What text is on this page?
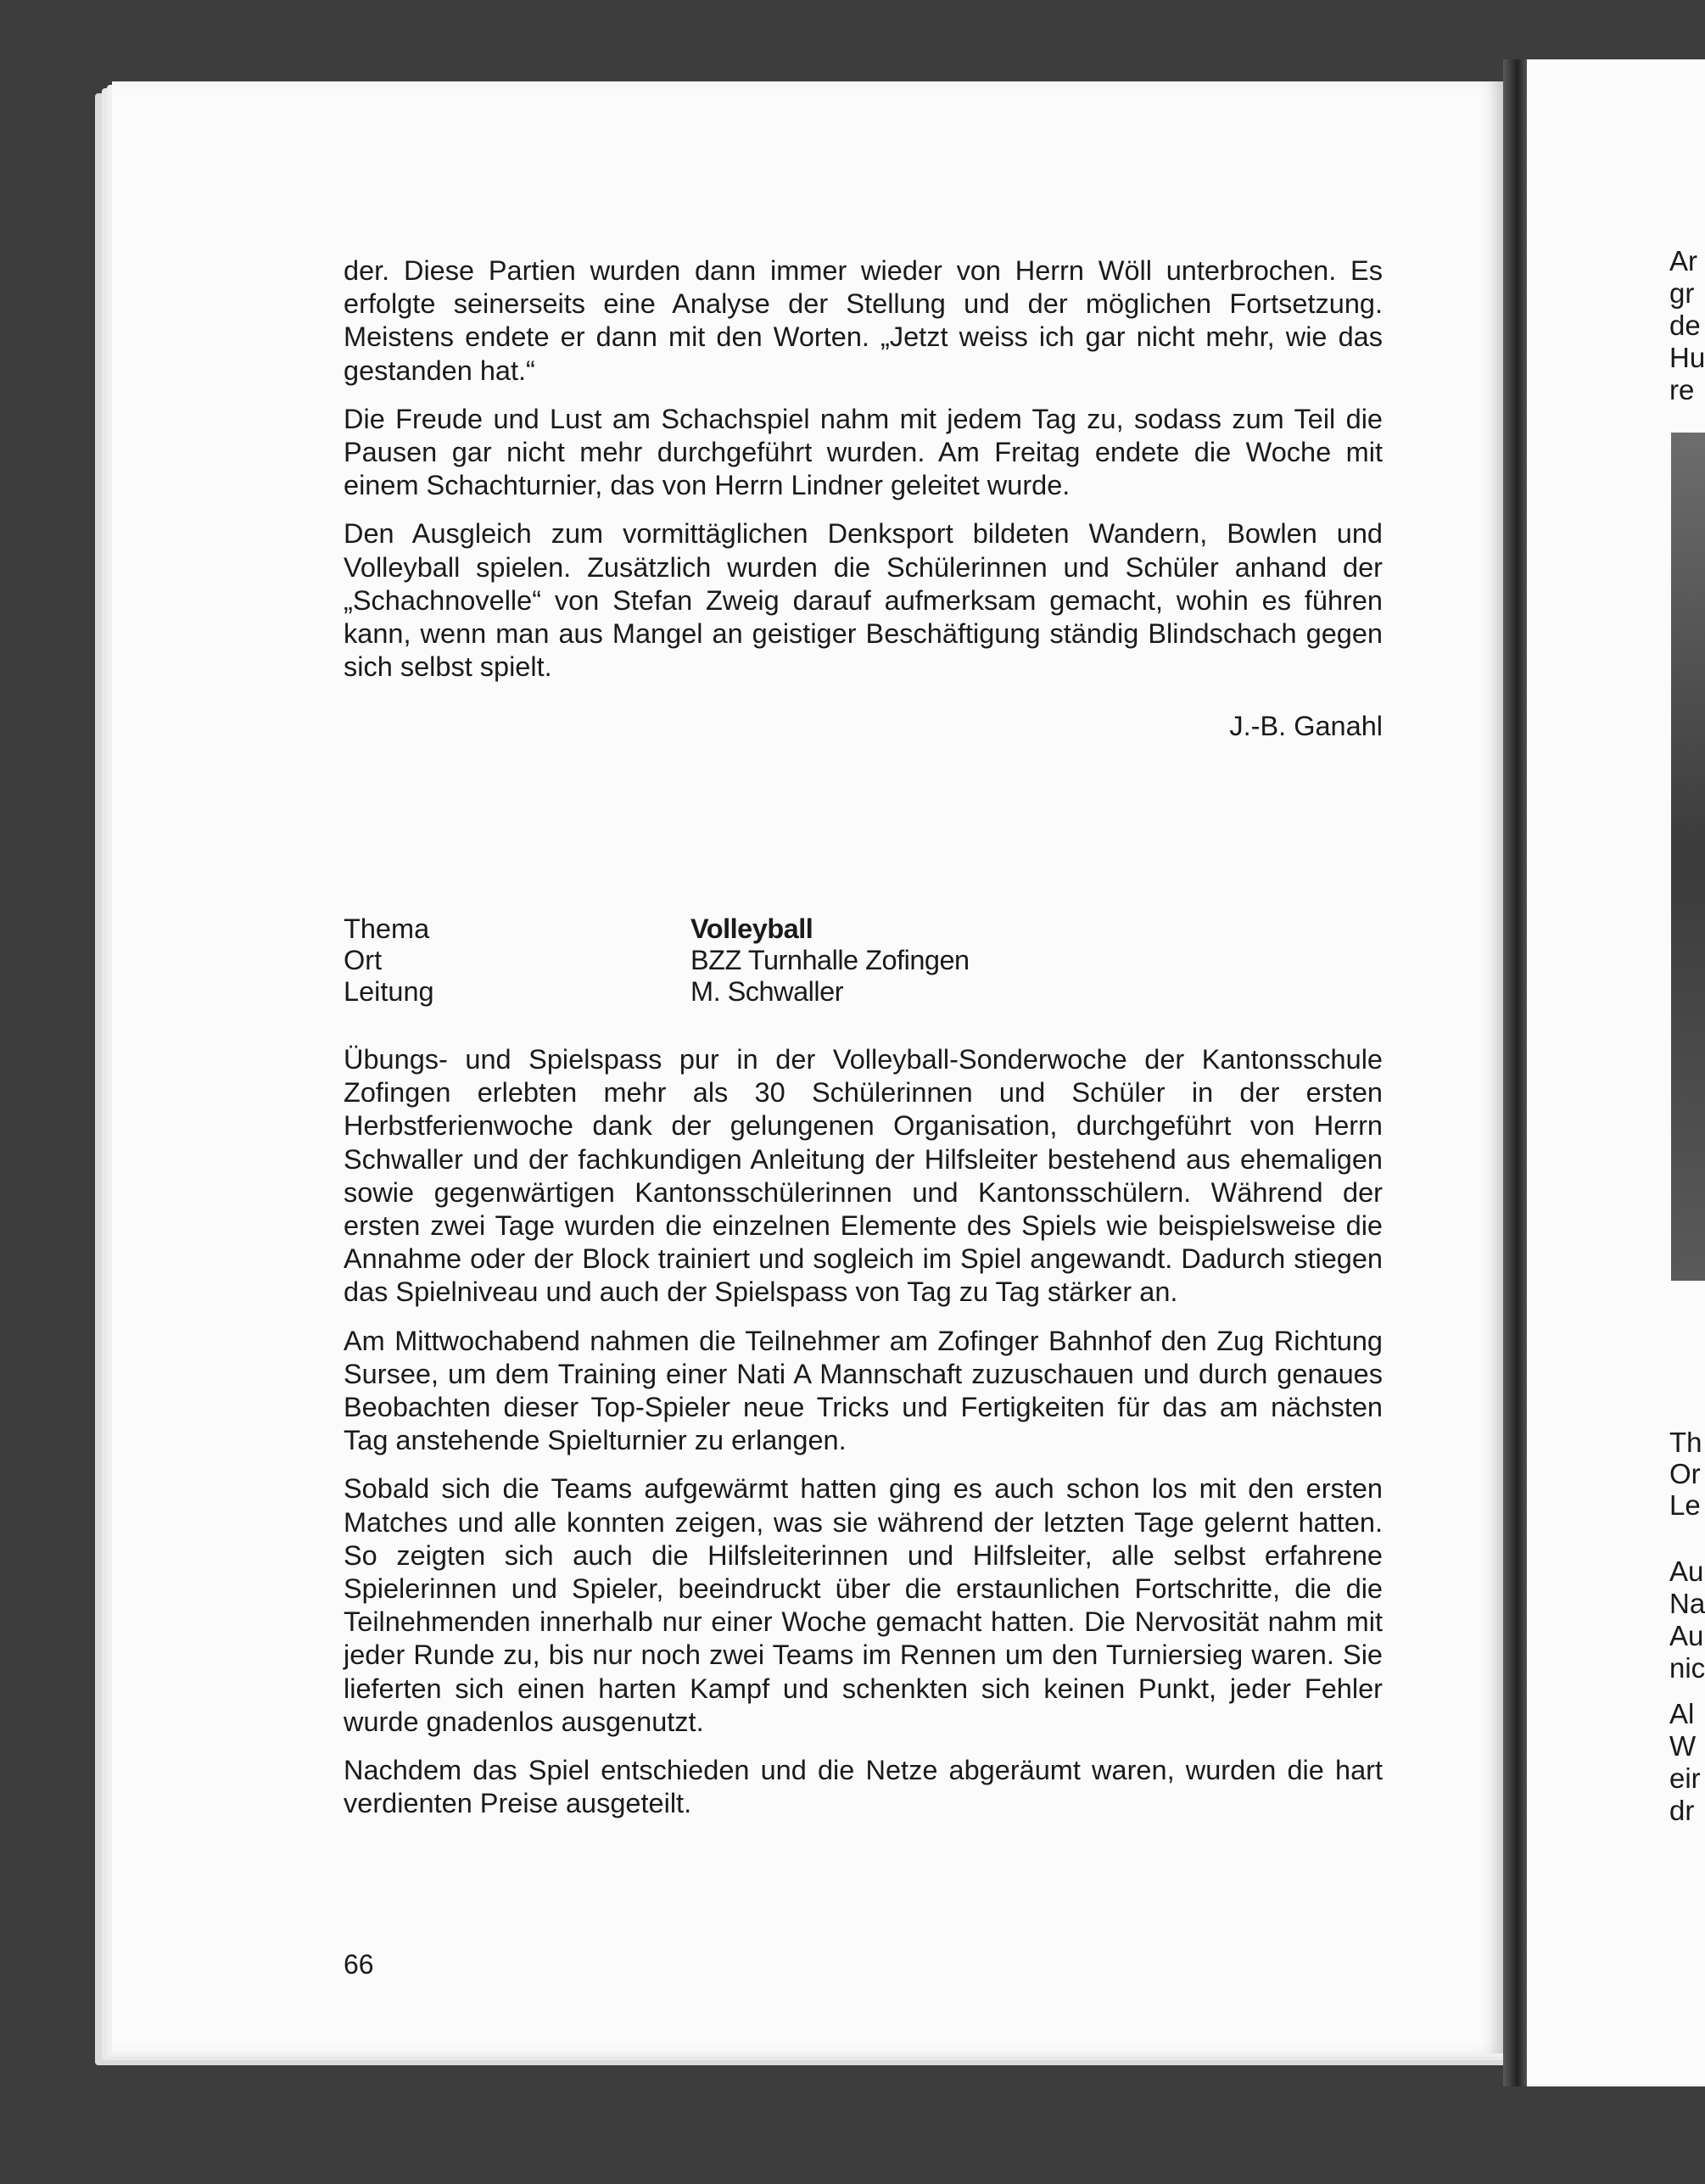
Ar
gr
de
Hu
re
Th
Or
Le
Au
Na
Au
nic
Al
W
eir
dr

der. Diese Partien wurden dann immer wieder von Herrn Wöll unterbrochen. Es erfolgte seinerseits eine Analyse der Stellung und der möglichen Fortsetzung. Meistens endete er dann mit den Worten. „Jetzt weiss ich gar nicht mehr, wie das gestanden hat.“

Die Freude und Lust am Schachspiel nahm mit jedem Tag zu, sodass zum Teil die Pausen gar nicht mehr durchgeführt wurden. Am Freitag endete die Woche mit einem Schachturnier, das von Herrn Lindner geleitet wurde.

Den Ausgleich zum vormittäglichen Denksport bildeten Wandern, Bowlen und Volleyball spielen. Zusätzlich wurden die Schülerinnen und Schüler anhand der „Schachnovelle“ von Stefan Zweig darauf aufmerksam gemacht, wohin es führen kann, wenn man aus Mangel an geistiger Beschäftigung ständig Blindschach gegen sich selbst spielt.

J.-B. Ganahl
Thema	Volleyball
Ort	BZZ Turnhalle Zofingen
Leitung	M. Schwaller

Übungs- und Spielspass pur in der Volleyball-Sonderwoche der Kantonsschule Zofingen erlebten mehr als 30 Schülerinnen und Schüler in der ersten Herbstferienwoche dank der gelungenen Organisation, durchgeführt von Herrn Schwaller und der fachkundigen Anleitung der Hilfsleiter bestehend aus ehemaligen sowie gegenwärtigen Kantonsschülerinnen und Kantonsschülern. Während der ersten zwei Tage wurden die einzelnen Elemente des Spiels wie beispielsweise die Annahme oder der Block trainiert und sogleich im Spiel angewandt. Dadurch stiegen das Spielniveau und auch der Spielspass von Tag zu Tag stärker an.

Am Mittwochabend nahmen die Teilnehmer am Zofinger Bahnhof den Zug Richtung Sursee, um dem Training einer Nati A Mannschaft zuzuschauen und durch genaues Beobachten dieser Top-Spieler neue Tricks und Fertigkeiten für das am nächsten Tag anstehende Spielturnier zu erlangen.

Sobald sich die Teams aufgewärmt hatten ging es auch schon los mit den ersten Matches und alle konnten zeigen, was sie während der letzten Tage gelernt hatten. So zeigten sich auch die Hilfsleiterinnen und Hilfsleiter, alle selbst erfahrene Spielerinnen und Spieler, beeindruckt über die erstaunlichen Fortschritte, die die Teilnehmenden innerhalb nur einer Woche gemacht hatten. Die Nervosität nahm mit jeder Runde zu, bis nur noch zwei Teams im Rennen um den Turniersieg waren. Sie lieferten sich einen harten Kampf und schenkten sich keinen Punkt, jeder Fehler wurde gnadenlos ausgenutzt.

Nachdem das Spiel entschieden und die Netze abgeräumt waren, wurden die hart verdienten Preise ausgeteilt.

66
